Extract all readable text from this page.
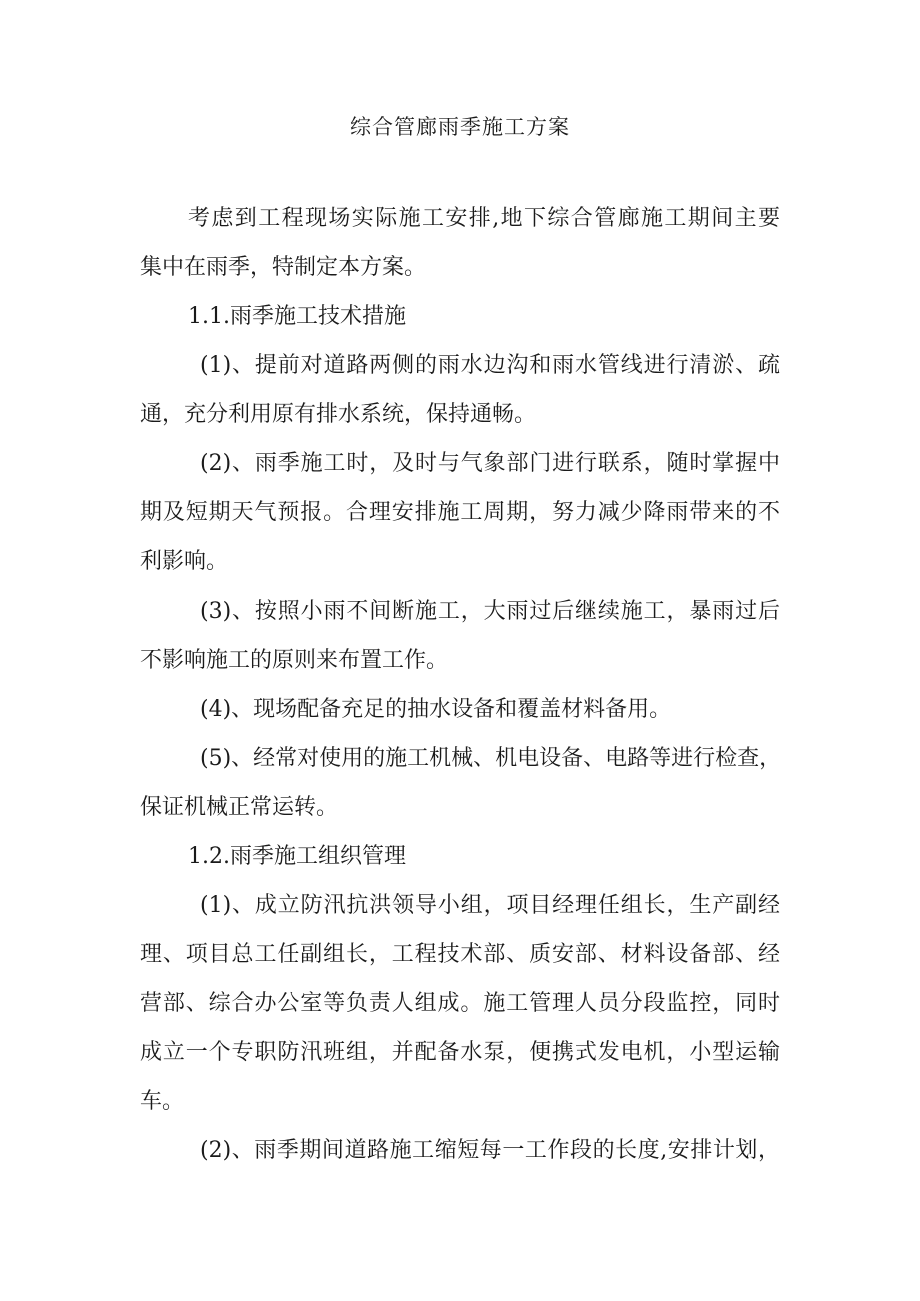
综合管廊雨季施工方案

考虑到工程现场实际施工安排,地下综合管廊施工期间主要

集中在雨季，特制定本方案。

1.1.雨季施工技术措施

(1)、提前对道路两侧的雨水边沟和雨水管线进行清淤、疏

通，充分利用原有排水系统，保持通畅。

(2)、雨季施工时，及时与气象部门进行联系，随时掌握中

期及短期天气预报。合理安排施工周期，努力减少降雨带来的不

利影响。

(3)、按照小雨不间断施工，大雨过后继续施工，暴雨过后

不影响施工的原则来布置工作。

(4)、现场配备充足的抽水设备和覆盖材料备用。

(5)、经常对使用的施工机械、机电设备、电路等进行检查，

保证机械正常运转。

1.2.雨季施工组织管理

(1)、成立防汛抗洪领导小组，项目经理任组长，生产副经

理、项目总工任副组长，工程技术部、质安部、材料设备部、经

营部、综合办公室等负责人组成。施工管理人员分段监控，同时

成立一个专职防汛班组，并配备水泵，便携式发电机，小型运输

车。

(2)、雨季期间道路施工缩短每一工作段的长度,安排计划，
